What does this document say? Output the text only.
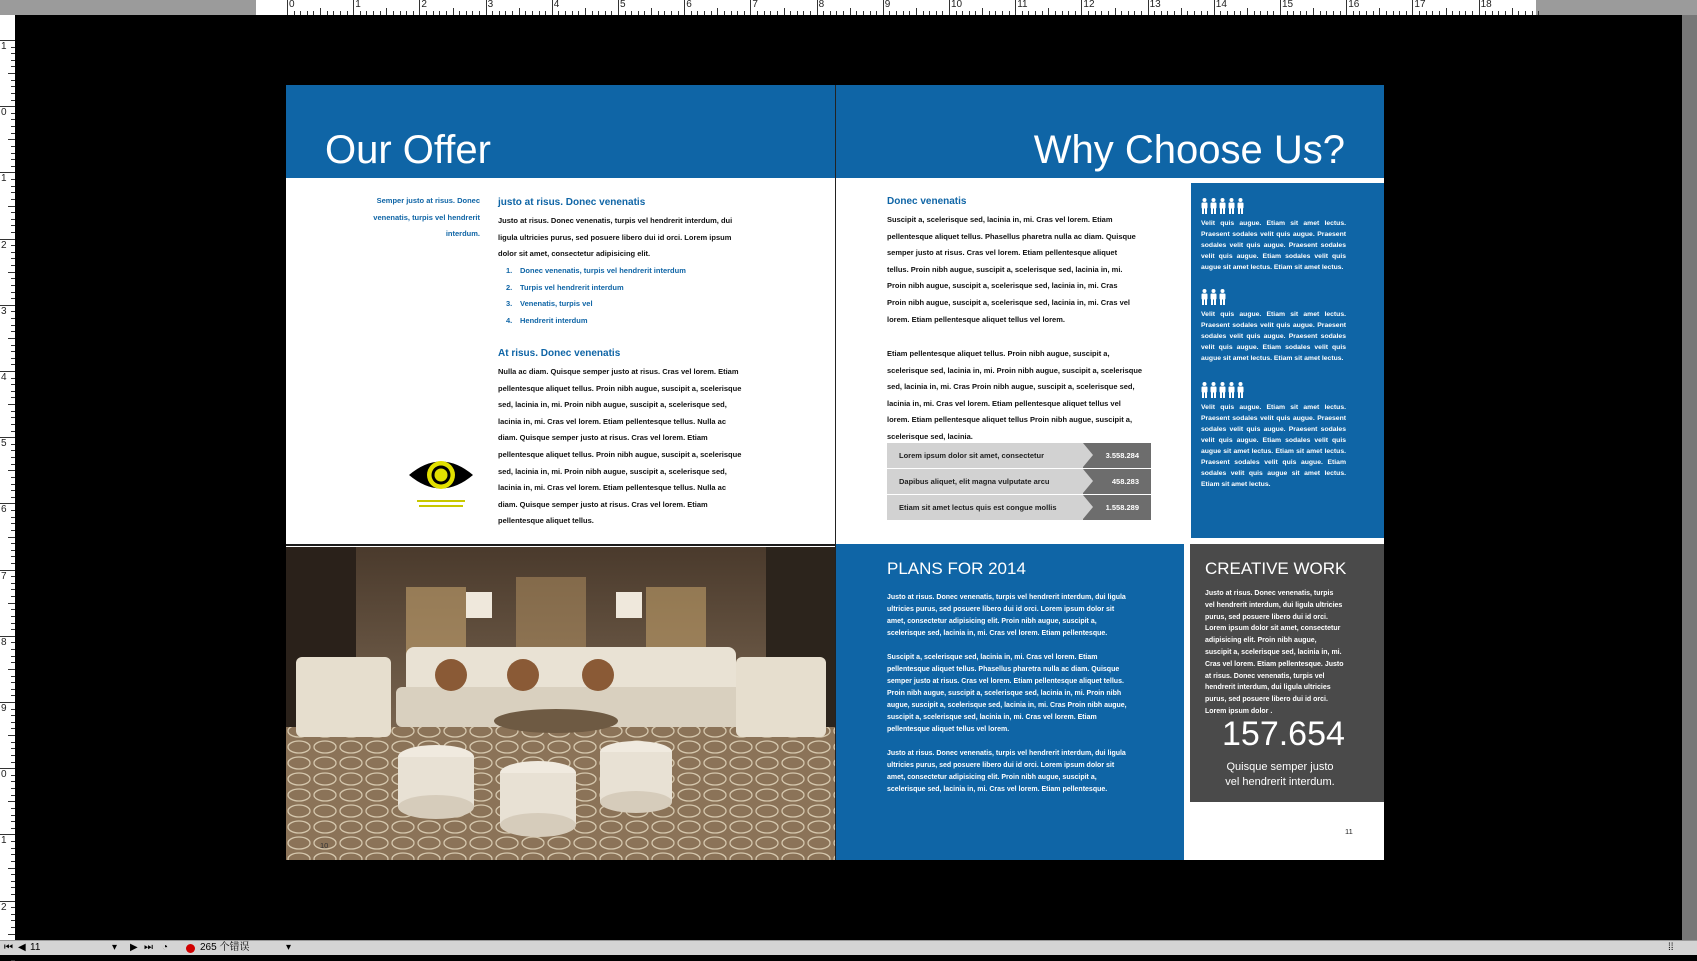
0	1	2	3	4	5	6	7	8	9	10	11	12	13	14	15	16	17	18
1
0
1
2
3
4
5
6
7
8
9
0
1
2
Our Offer
Semper justo at risus. Donec venenatis, turpis vel hendrerit interdum.
justo at risus. Donec venenatis
Justo at risus. Donec venenatis, turpis vel hendrerit interdum, dui ligula ultricies purus, sed posuere libero dui id orci. Lorem ipsum dolor sit amet, consectetur adipisicing elit.
1. Donec venenatis, turpis vel hendrerit interdum
2. Turpis vel hendrerit interdum
3. Venenatis, turpis vel
4. Hendrerit interdum
At risus. Donec venenatis
Nulla ac diam. Quisque semper justo at risus. Cras vel lorem. Etiam pellentesque aliquet tellus. Proin nibh augue, suscipit a, scelerisque sed, lacinia in, mi. Proin nibh augue, suscipit a, scelerisque sed, lacinia in, mi. Cras vel lorem. Etiam pellentesque tellus. Nulla ac diam. Quisque semper justo at risus. Cras vel lorem. Etiam pellentesque aliquet tellus. Proin nibh augue, suscipit a, scelerisque sed, lacinia in, mi. Proin nibh augue, suscipit a, scelerisque sed, lacinia in, mi. Cras vel lorem. Etiam pellentesque tellus. Nulla ac diam. Quisque semper justo at risus. Cras vel lorem. Etiam pellentesque aliquet tellus.
10
Why Choose Us?
Donec venenatis
Suscipit a, scelerisque sed, lacinia in, mi. Cras vel lorem. Etiam pellentesque aliquet tellus. Phasellus pharetra nulla ac diam. Quisque semper justo at risus. Cras vel lorem. Etiam pellentesque aliquet tellus. Proin nibh augue, suscipit a, scelerisque sed, lacinia in, mi. Proin nibh augue, suscipit a, scelerisque sed, lacinia in, mi. Cras Proin nibh augue, suscipit a, scelerisque sed, lacinia in, mi. Cras vel lorem. Etiam pellentesque aliquet tellus vel lorem.
Etiam pellentesque aliquet tellus. Proin nibh augue, suscipit a, scelerisque sed, lacinia in, mi. Proin nibh augue, suscipit a, scelerisque sed, lacinia in, mi. Cras Proin nibh augue, suscipit a, scelerisque sed, lacinia in, mi. Cras vel lorem. Etiam pellentesque aliquet tellus vel lorem. Etiam pellentesque aliquet tellus Proin nibh augue, suscipit a, scelerisque sed, lacinia.
Lorem ipsum dolor sit amet, consectetur	3.558.284
Dapibus aliquet, elit magna vulputate arcu	458.283
Etiam sit amet lectus quis est congue mollis	1.558.289
Velit quis augue. Etiam sit amet lectus. Praesent sodales velit quis augue. Praesent sodales velit quis augue. Praesent sodales velit quis augue. Etiam sodales velit quis augue sit amet lectus. Etiam sit amet lectus.
Velit quis augue. Etiam sit amet lectus. Praesent sodales velit quis augue. Praesent sodales velit quis augue. Praesent sodales velit quis augue. Etiam sodales velit quis augue sit amet lectus. Etiam sit amet lectus.
Velit quis augue. Etiam sit amet lectus. Praesent sodales velit quis augue. Praesent sodales velit quis augue. Praesent sodales velit quis augue. Etiam sodales velit quis augue sit amet lectus. Etiam sit amet lectus. Praesent sodales velit quis augue. Etiam sodales velit quis augue sit amet lectus. Etiam sit amet lectus.
PLANS FOR 2014

Justo at risus. Donec venenatis, turpis vel hendrerit interdum, dui ligula ultricies purus, sed posuere libero dui id orci. Lorem ipsum dolor sit amet, consectetur adipisicing elit. Proin nibh augue, suscipit a, scelerisque sed, lacinia in, mi. Cras vel lorem. Etiam pellentesque.

Suscipit a, scelerisque sed, lacinia in, mi. Cras vel lorem. Etiam pellentesque aliquet tellus. Phasellus pharetra nulla ac diam. Quisque semper justo at risus. Cras vel lorem. Etiam pellentesque aliquet tellus. Proin nibh augue, suscipit a, scelerisque sed, lacinia in, mi. Proin nibh augue, suscipit a, scelerisque sed, lacinia in, mi. Cras Proin nibh augue, suscipit a, scelerisque sed, lacinia in, mi. Cras vel lorem. Etiam pellentesque aliquet tellus vel lorem.

Justo at risus. Donec venenatis, turpis vel hendrerit interdum, dui ligula ultricies purus, sed posuere libero dui id orci. Lorem ipsum dolor sit amet, consectetur adipisicing elit. Proin nibh augue, suscipit a, scelerisque sed, lacinia in, mi. Cras vel lorem. Etiam pellentesque.

CREATIVE WORK
Justo at risus. Donec venenatis, turpis vel hendrerit interdum, dui ligula ultricies purus, sed posuere libero dui id orci. Lorem ipsum dolor sit amet, consectetur adipisicing elit. Proin nibh augue, suscipit a, scelerisque sed, lacinia in, mi. Cras vel lorem. Etiam pellentesque. Justo at risus. Donec venenatis, turpis vel hendrerit interdum, dui ligula ultricies purus, sed posuere libero dui id orci. Lorem ipsum dolor .
157.654
Quisque semper justo vel hendrerit interdum.
11
⏮ ◀ 11	▾ ▶ ⏭ ◔	265 个错误	▾	⁞⁞
